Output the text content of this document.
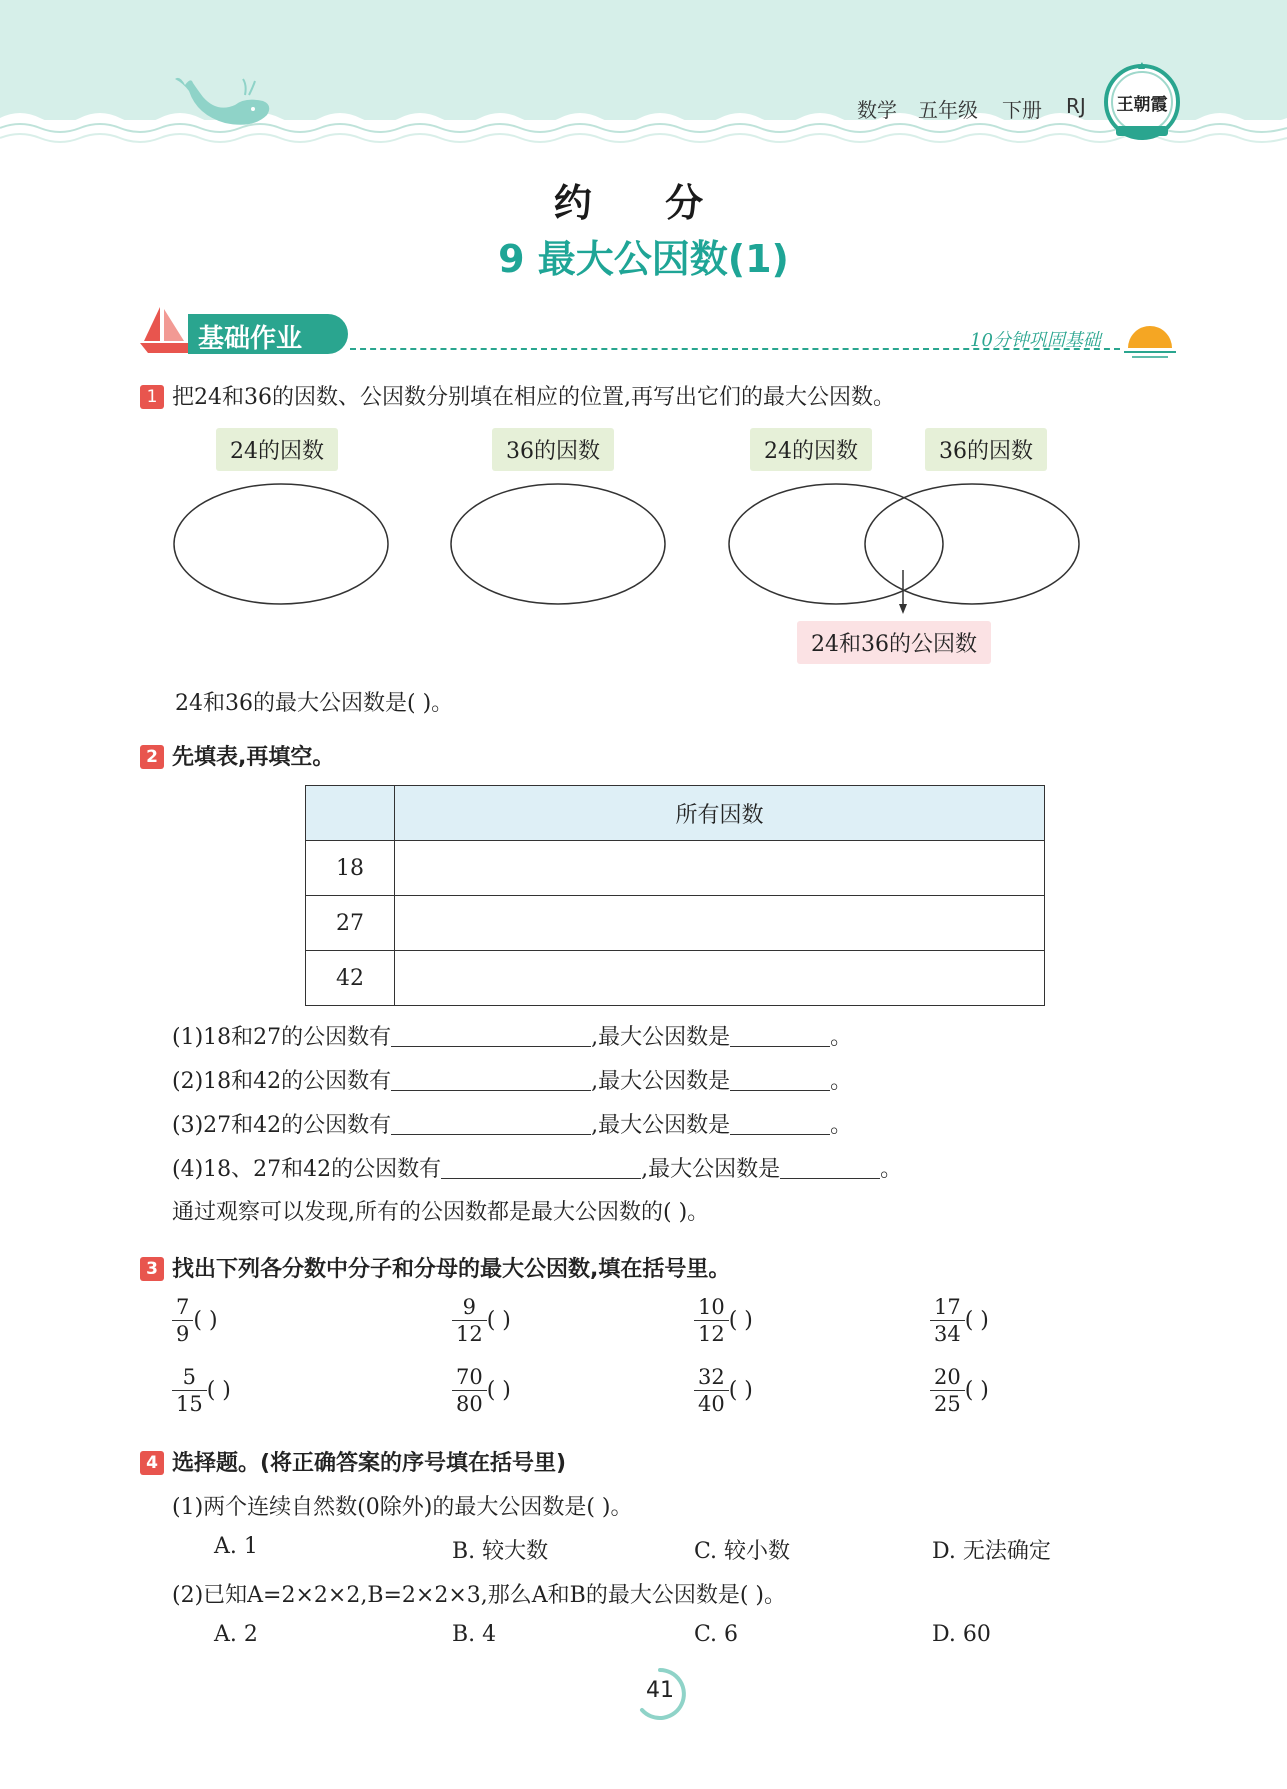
数学 五年级 下册 RJ	王朝霞
约 分
9 最大公因数(1)
基础作业	10分钟巩固基础
1 把24和36的因数、公因数分别填在相应的位置,再写出它们的最大公因数。
24的因数	36的因数	24的因数	36的因数
24和36的公因数
24和36的最大公因数是( )。
2 先填表,再填空。
	所有因数
18	
27	
42	
(1)18和27的公因数有	,最大公因数是	。
(2)18和42的公因数有	,最大公因数是	。
(3)27和42的公因数有	,最大公因数是	。
(4)18、27和42的公因数有	,最大公因数是	。
通过观察可以发现,所有的公因数都是最大公因数的( )。
3 找出下列各分数中分子和分母的最大公因数,填在括号里。
$\frac{7}{9}$ ( )	$\frac{9}{12}$ ( )	$\frac{10}{12}$ ( )	$\frac{17}{34}$ ( )
$\frac{5}{15}$ ( )	$\frac{70}{80}$ ( )	$\frac{32}{40}$ ( )	$\frac{20}{25}$ ( )
4 选择题。(将正确答案的序号填在括号里)
(1)两个连续自然数(0除外)的最大公因数是( )。
A. 1	B. 较大数	C. 较小数	D. 无法确定
(2)已知A=2×2×2,B=2×2×3,那么A和B的最大公因数是( )。
A. 2	B. 4	C. 6	D. 60
41
